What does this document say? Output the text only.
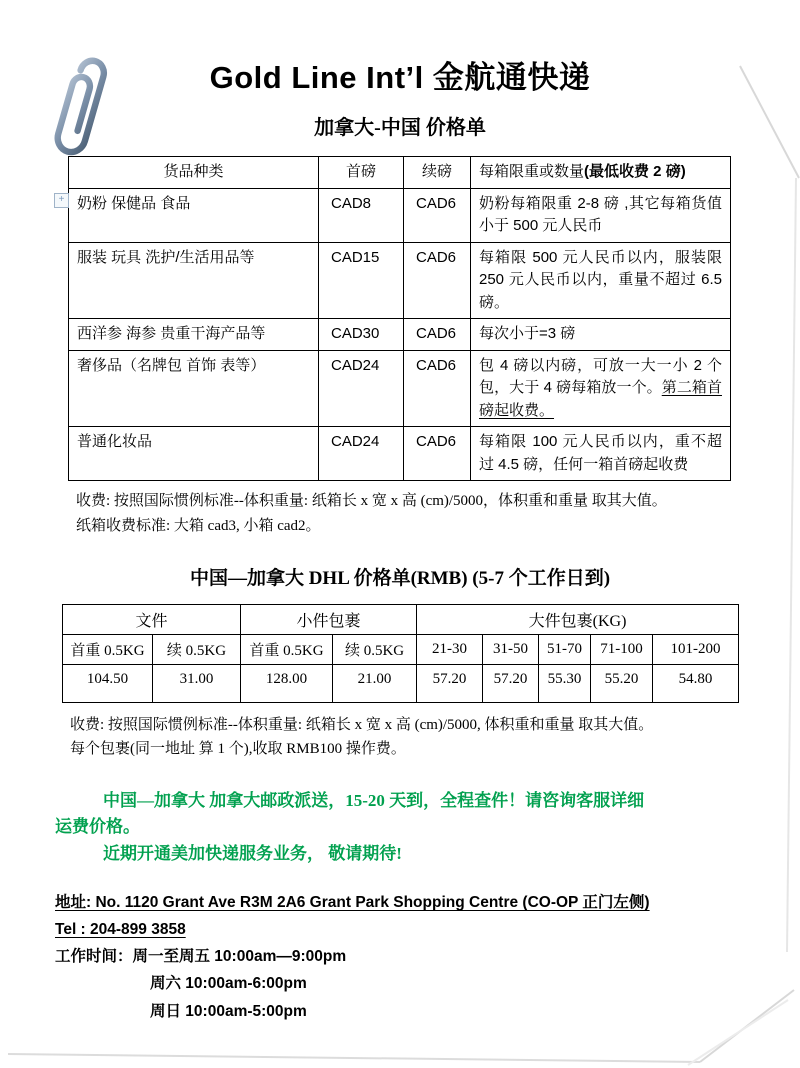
+
Gold Line Int’l 金航通快递
加拿大-中国 价格单
货品种类	首磅	续磅	每箱限重或数量(最低收费 2 磅)
奶粉 保健品 食品	CAD8	CAD6	奶粉每箱限重 2-8 磅 ,其它每箱货值小于 500 元人民币
服装 玩具 洗护/生活用品等	CAD15	CAD6	每箱限 500 元人民币以内，服装限 250 元人民币以内，重量不超过 6.5 磅。
西洋参 海参 贵重干海产品等	CAD30	CAD6	每次小于=3 磅
奢侈品（名牌包 首饰 表等）	CAD24	CAD6	包 4 磅以内磅，可放一大一小 2 个包，大于 4 磅每箱放一个。第二箱首磅起收费。
普通化妆品	CAD24	CAD6	每箱限 100 元人民币以内，重不超过 4.5 磅，任何一箱首磅起收费
收费: 按照国际惯例标准--体积重量: 纸箱长 x 宽 x 高 (cm)/5000，体积重和重量 取其大值。
纸箱收费标准: 大箱 cad3, 小箱 cad2。
中国—加拿大 DHL 价格单(RMB) (5-7 个工作日到)
文件		小件包裹		大件包裹(KG)				
首重 0.5KG	续 0.5KG	首重 0.5KG	续 0.5KG	21-30	31-50	51-70	71-100	101-200
104.50	31.00	128.00	21.00	57.20	57.20	55.30	55.20	54.80
收费: 按照国际惯例标准--体积重量: 纸箱长 x 宽 x 高 (cm)/5000, 体积重和重量 取其大值。
每个包裹(同一地址 算 1 个),收取 RMB100 操作费。
中国—加拿大 加拿大邮政派送，15-20 天到，全程查件！请咨询客服详细
运费价格。
近期开通美加快递服务业务， 敬请期待!
地址: No. 1120 Grant Ave R3M 2A6 Grant Park Shopping Centre (CO-OP 正门左侧)
Tel : 204-899 3858
工作时间：周一至周五 10:00am—9:00pm
周六 10:00am-6:00pm
周日 10:00am-5:00pm
